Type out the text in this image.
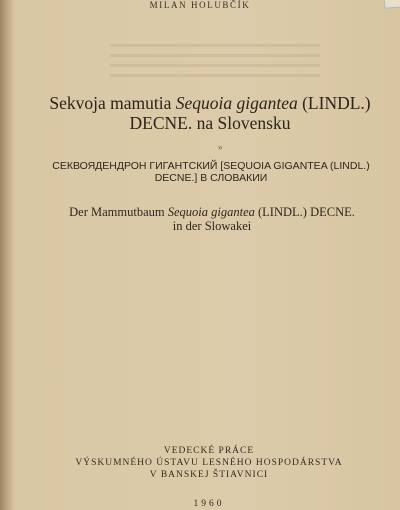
MILAN HOLUBČÍK
Sekvoja mamutia Sequoia gigantea (LINDL.)
DECNE. na Slovensku
»
СЕКВОЯДЕНДРОН ГИГАНТСКИЙ [SEQUOIA GIGANTEA (LINDL.)
DECNE.] В СЛОВАКИИ
Der Mammutbaum Sequoia gigantea (LINDL.) DECNE.
in der Slowakei
VEDECKÉ PRÁCE
VÝSKUMNÉHO ÚSTAVU LESNÉHO HOSPODÁRSTVA
V BANSKEJ ŠTIAVNICI
1960
